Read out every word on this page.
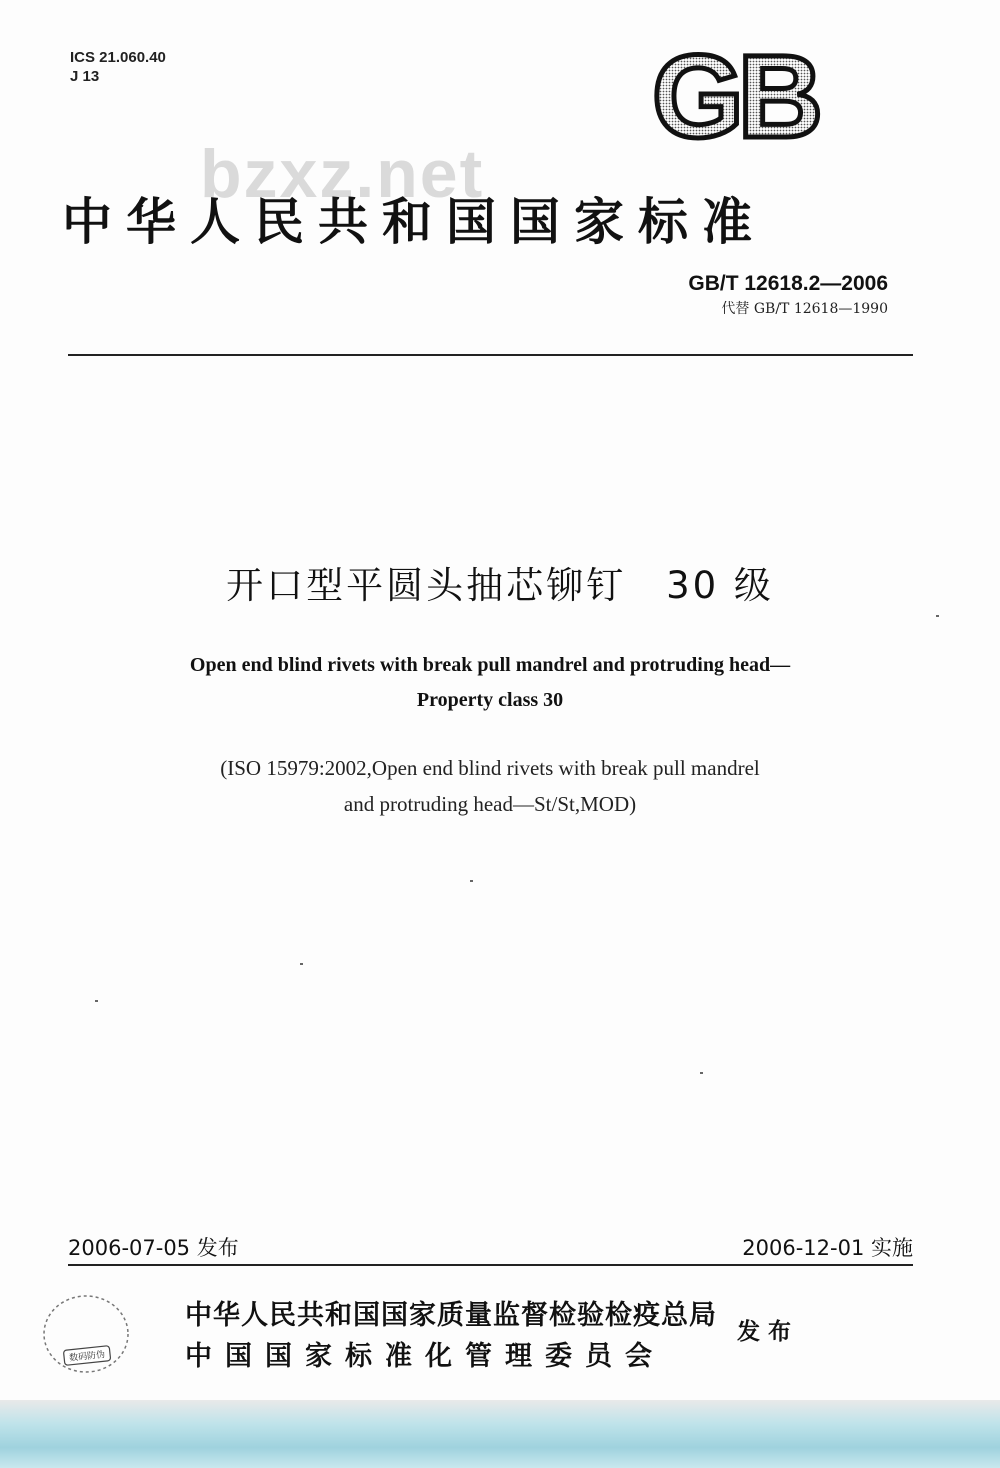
ICS 21.060.40
J 13	GB
bzxz.net
中华人民共和国国家标准
GB/T 12618.2—2006
代替 GB/T 12618—1990
开口型平圆头抽芯铆钉　30 级
Open end blind rivets with break pull mandrel and protruding head—
Property class 30
(ISO 15979:2002,Open end blind rivets with break pull mandrel
and protruding head—St/St,MOD)
2006-07-05 发布	2006-12-01 实施
数码防伪
中华人民共和国国家质量监督检验检疫总局
中国国家标准化管理委员会
发布
